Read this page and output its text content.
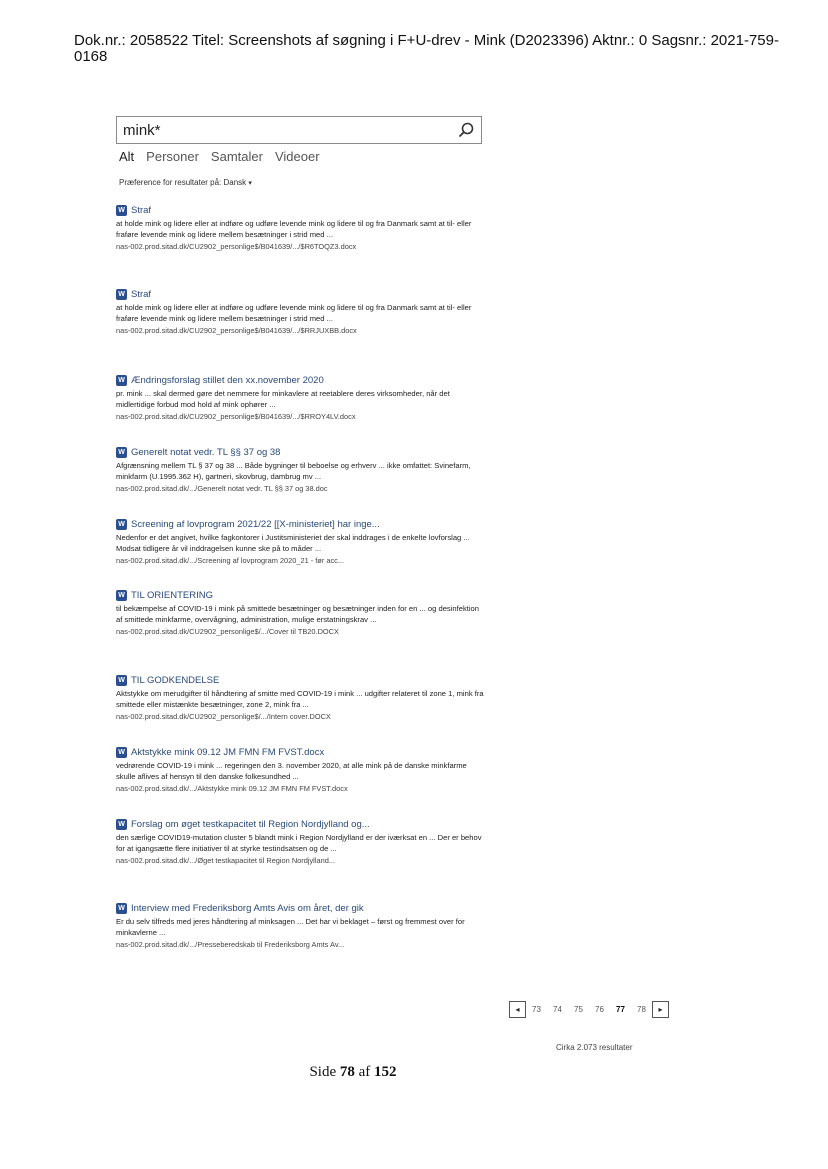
Dok.nr.: 2058522 Titel: Screenshots af søgning i F+U-drev - Mink (D2023396) Aktnr.: 0 Sagsnr.: 2021-759-0168
mink*
Alt Personer Samtaler Videoer
Præference for resultater på: Dansk ▾
W Straf
at holde mink og lidere eller at indføre og udføre levende mink og lidere til og fra Danmark samt at til- eller fraføre levende mink og lidere mellem besætninger i strid med ...
nas-002.prod.sitad.dk/CU2902_personlige$/B041639/.../$R6TOQZ3.docx
W Straf
at holde mink og lidere eller at indføre og udføre levende mink og lidere til og fra Danmark samt at til- eller fraføre levende mink og lidere mellem besætninger i strid med ...
nas-002.prod.sitad.dk/CU2902_personlige$/B041639/.../$RRJUXBB.docx
W Ændringsforslag stillet den xx.november 2020
pr. mink ... skal dermed gøre det nemmere for minkavlere at reetablere deres virksomheder, når det midlertidige forbud mod hold af mink ophører ...
nas-002.prod.sitad.dk/CU2902_personlige$/B041639/.../$RROY4LV.docx
W Generelt notat vedr. TL §§ 37 og 38
Afgrænsning mellem TL § 37 og 38 ... Både bygninger til beboelse og erhverv ... ikke omfattet: Svinefarm, minkfarm (U.1995.362 H), gartneri, skovbrug, dambrug mv ...
nas-002.prod.sitad.dk/.../Generelt notat vedr. TL §§ 37 og 38.doc
W Screening af lovprogram 2021/22 [[X-ministeriet] har inge...
Nedenfor er det angivet, hvilke fagkontorer i Justitsministeriet der skal inddrages i de enkelte lovforslag ... Modsat tidligere år vil inddragelsen kunne ske på to måder ...
nas-002.prod.sitad.dk/.../Screening af lovprogram 2020_21 - før acc...
W TIL ORIENTERING
til bekæmpelse af COVID-19 i mink på smittede besætninger og besætninger inden for en ... og desinfektion af smittede minkfarme, overvågning, administration, mulige erstatningskrav ...
nas-002.prod.sitad.dk/CU2902_personlige$/.../Cover til TB20.DOCX
W TIL GODKENDELSE
Aktstykke om merudgifter til håndtering af smitte med COVID-19 i mink ... udgifter relateret til zone 1, mink fra smittede eller mistænkte besætninger, zone 2, mink fra ...
nas-002.prod.sitad.dk/CU2902_personlige$/.../Intern cover.DOCX
W Aktstykke mink 09.12 JM FMN FM FVST.docx
vedrørende COVID-19 i mink ... regeringen den 3. november 2020, at alle mink på de danske minkfarme skulle aflives af hensyn til den danske folkesundhed ...
nas-002.prod.sitad.dk/.../Aktstykke mink 09.12 JM FMN FM FVST.docx
W Forslag om øget testkapacitet til Region Nordjylland og...
den særlige COVID19-mutation cluster 5 blandt mink i Region Nordjylland er der iværksat en ... Der er behov for at igangsætte flere initiativer til at styrke testindsatsen og de ...
nas-002.prod.sitad.dk/.../Øget testkapacitet til Region Nordjylland...
W Interview med Frederiksborg Amts Avis om året, der gik
Er du selv tilfreds med jeres håndtering af minksagen ... Det har vi beklaget – først og fremmest over for minkavlerne ...
nas-002.prod.sitad.dk/.../Presseberedskab til Frederiksborg Amts Av...
◂	73	74	75	76	77	78	▸
Cirka 2.073 resultater
Side 78 af 152
